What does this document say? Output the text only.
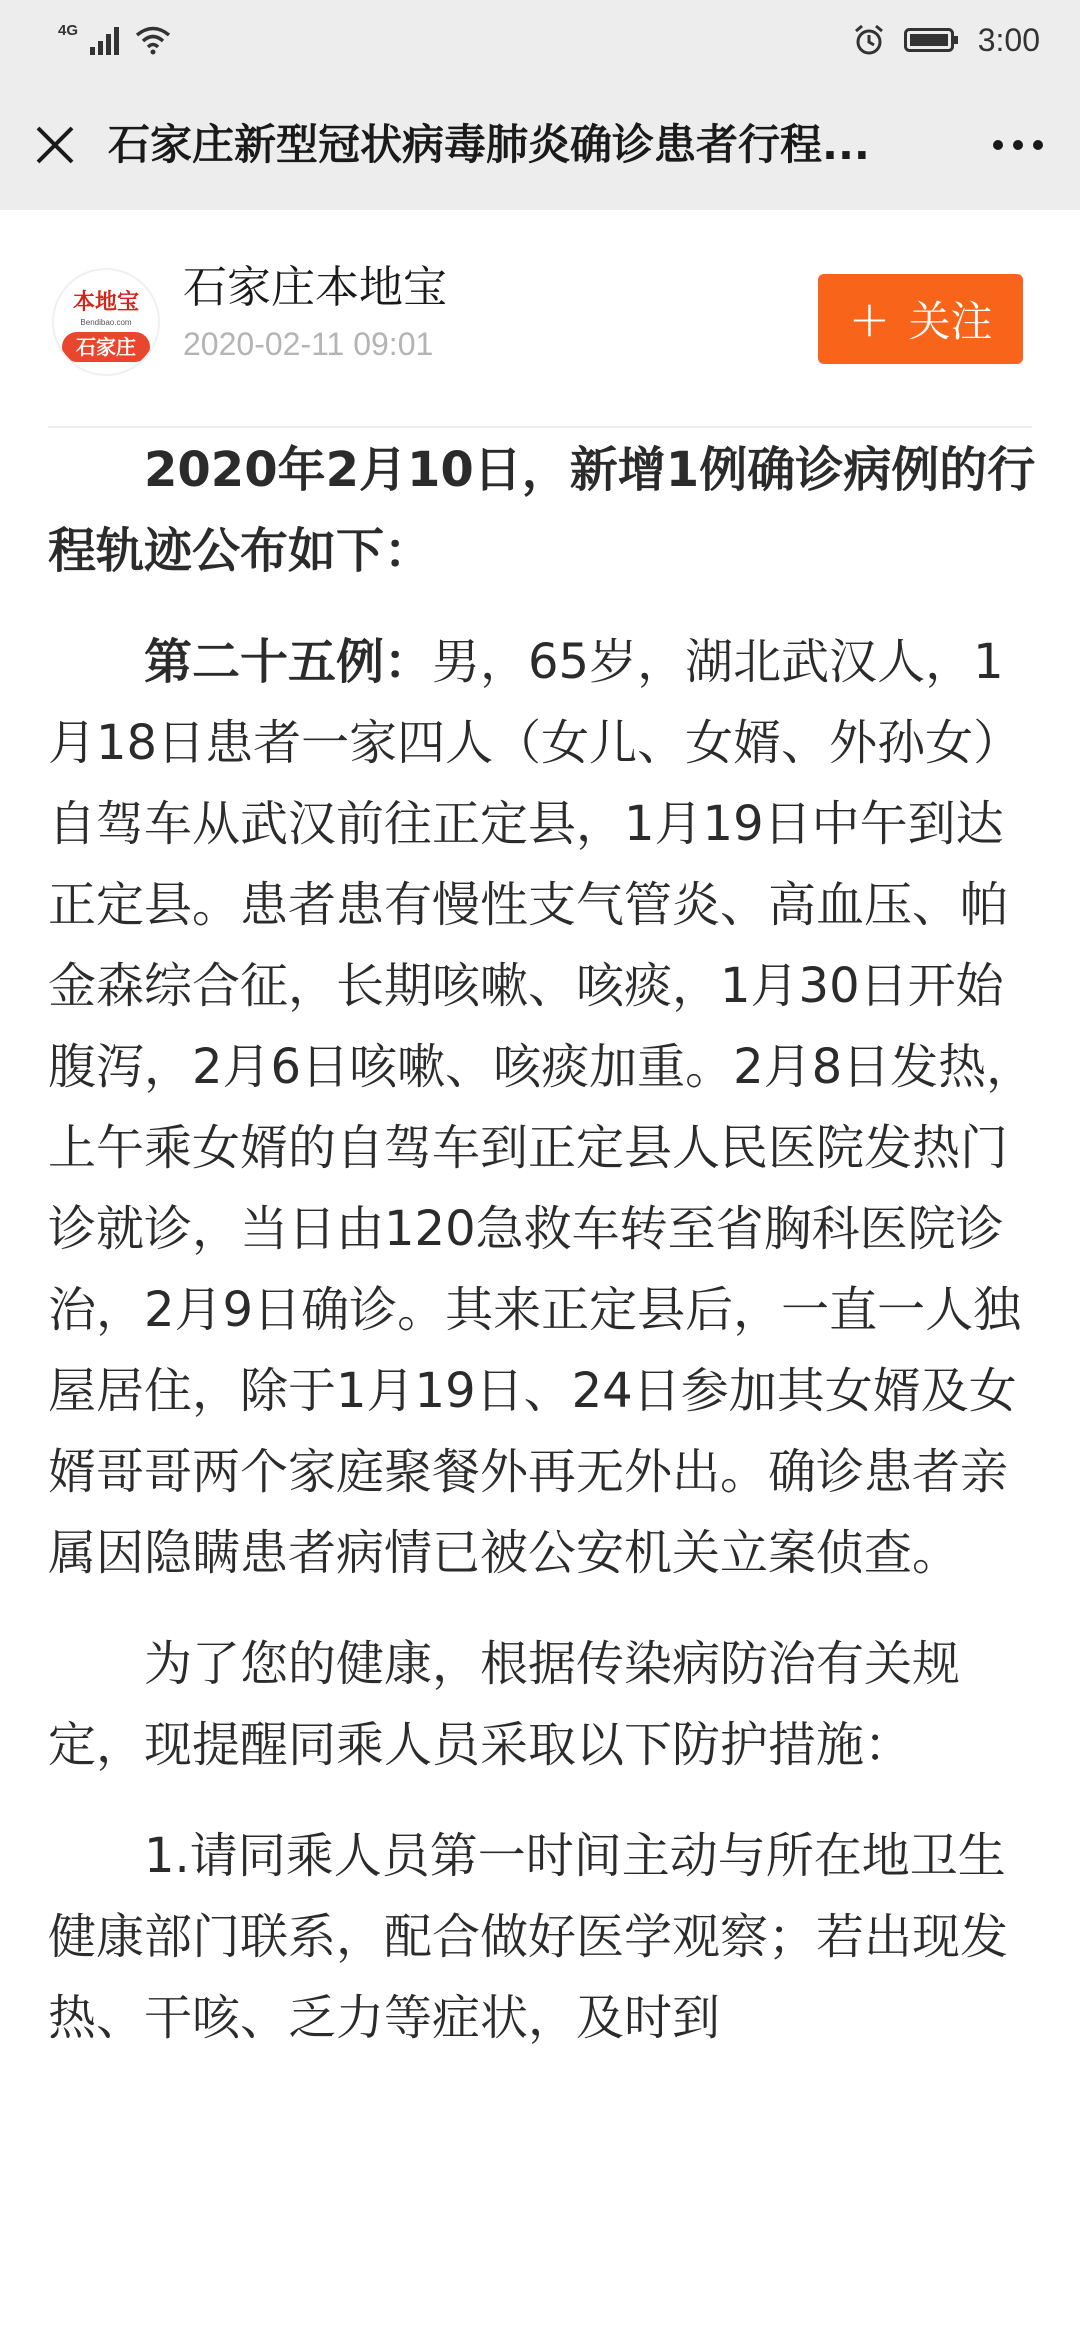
4G	3:00
石家庄新型冠状病毒肺炎确诊患者行程...
本地宝
Bendibao.com
石家庄
石家庄本地宝
2020-02-11 09:01	+ 关注

2020年2月10日，新增1例确诊病例的行程轨迹公布如下：

第二十五例：男，65岁，湖北武汉人，1月18日患者一家四人（女儿、女婿、外孙女）自驾车从武汉前往正定县，1月19日中午到达正定县。患者患有慢性支气管炎、高血压、帕金森综合征，长期咳嗽、咳痰，1月30日开始腹泻，2月6日咳嗽、咳痰加重。2月8日发热，上午乘女婿的自驾车到正定县人民医院发热门诊就诊，当日由120急救车转至省胸科医院诊治，2月9日确诊。其来正定县后，一直一人独屋居住，除于1月19日、24日参加其女婿及女婿哥哥两个家庭聚餐外再无外出。确诊患者亲属因隐瞒患者病情已被公安机关立案侦查。

为了您的健康，根据传染病防治有关规定，现提醒同乘人员采取以下防护措施：

1.请同乘人员第一时间主动与所在地卫生健康部门联系，配合做好医学观察；若出现发热、干咳、乏力等症状，及时到
